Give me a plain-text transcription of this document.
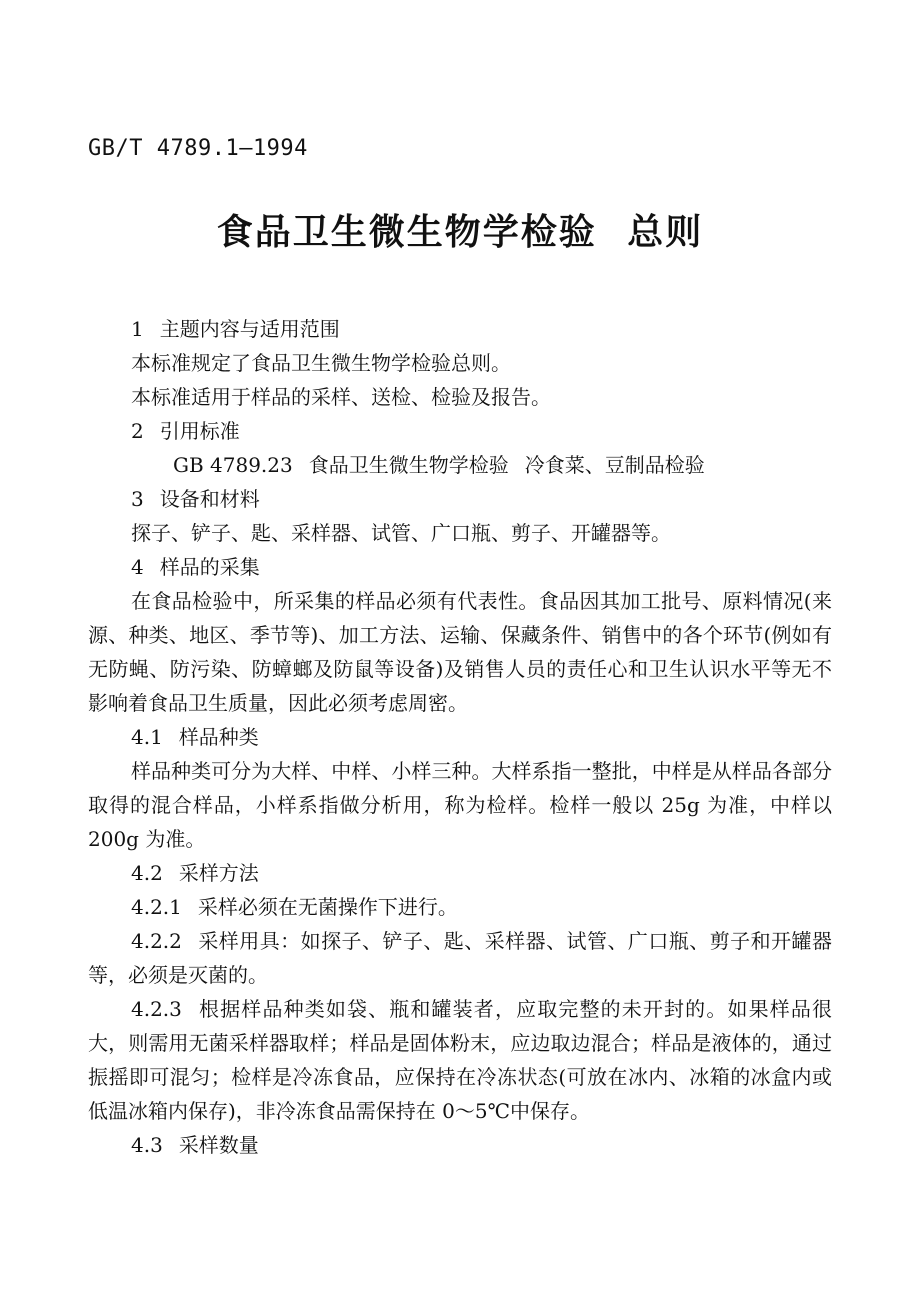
GB/T 4789.1—1994
食品卫生微生物学检验 总则

1 主题内容与适用范围

本标准规定了食品卫生微生物学检验总则。

本标准适用于样品的采样、送检、检验及报告。

2 引用标准

GB 4789.23 食品卫生微生物学检验 冷食菜、豆制品检验

3 设备和材料

探子、铲子、匙、采样器、试管、广口瓶、剪子、开罐器等。

4 样品的采集

在食品检验中，所采集的样品必须有代表性。食品因其加工批号、原料情况(来源、种类、地区、季节等)、加工方法、运输、保藏条件、销售中的各个环节(例如有无防蝇、防污染、防蟑螂及防鼠等设备)及销售人员的责任心和卫生认识水平等无不影响着食品卫生质量，因此必须考虑周密。

4.1 样品种类

样品种类可分为大样、中样、小样三种。大样系指一整批，中样是从样品各部分取得的混合样品，小样系指做分析用，称为检样。检样一般以 25g 为准，中样以 200g 为准。

4.2 采样方法

4.2.1 采样必须在无菌操作下进行。

4.2.2 采样用具：如探子、铲子、匙、采样器、试管、广口瓶、剪子和开罐器等，必须是灭菌的。

4.2.3 根据样品种类如袋、瓶和罐装者，应取完整的未开封的。如果样品很大，则需用无菌采样器取样；样品是固体粉末，应边取边混合；样品是液体的，通过振摇即可混匀；检样是冷冻食品，应保持在冷冻状态(可放在冰内、冰箱的冰盒内或低温冰箱内保存)，非冷冻食品需保持在 0～5℃中保存。

4.3 采样数量
